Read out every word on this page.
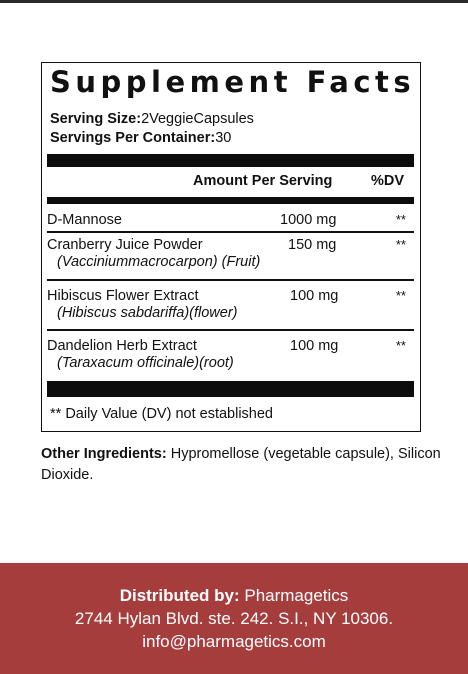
Supplement Facts
Serving Size:2VeggieCapsules
Servings Per Container:30
Amount Per Serving	%DV
D-Mannose	1000 mg	**
Cranberry Juice Powder
(Vacciniummacrocarpon) (Fruit)
150 mg	**
Hibiscus Flower Extract
(Hibiscus sabdariffa)(flower)
100 mg	**
Dandelion Herb Extract
(Taraxacum officinale)(root)
100 mg	**
** Daily Value (DV) not established
Other Ingredients: Hypromellose (vegetable capsule), Silicon Dioxide.
Distributed by: Pharmagetics
2744 Hylan Blvd. ste. 242. S.I., NY 10306.
info@pharmagetics.com
